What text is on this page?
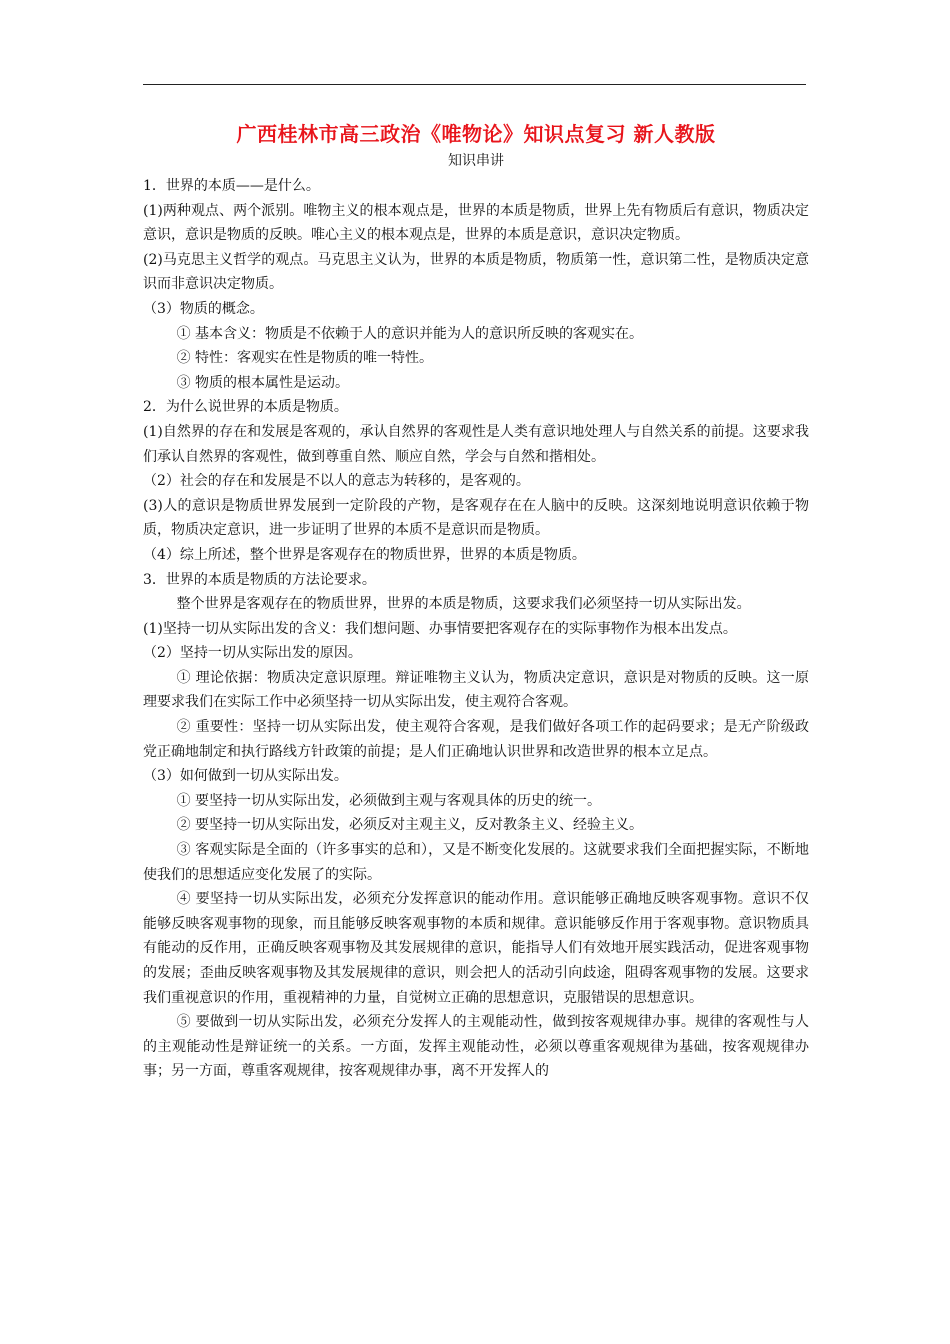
广西桂林市高三政治《唯物论》知识点复习 新人教版

知识串讲

1．世界的本质——是什么。

(1)两种观点、两个派别。唯物主义的根本观点是，世界的本质是物质，世界上先有物质后有意识，物质决定意识，意识是物质的反映。唯心主义的根本观点是，世界的本质是意识，意识决定物质。

(2)马克思主义哲学的观点。马克思主义认为，世界的本质是物质，物质第一性，意识第二性，是物质决定意识而非意识决定物质。

（3）物质的概念。

① 基本含义：物质是不依赖于人的意识并能为人的意识所反映的客观实在。

② 特性：客观实在性是物质的唯一特性。

③ 物质的根本属性是运动。

2．为什么说世界的本质是物质。

(1)自然界的存在和发展是客观的，承认自然界的客观性是人类有意识地处理人与自然关系的前提。这要求我们承认自然界的客观性，做到尊重自然、顺应自然，学会与自然和揩相处。

（2）社会的存在和发展是不以人的意志为转移的，是客观的。

(3)人的意识是物质世界发展到一定阶段的产物，是客观存在在人脑中的反映。这深刻地说明意识依赖于物质，物质决定意识，进一步证明了世界的本质不是意识而是物质。

（4）综上所述，整个世界是客观存在的物质世界，世界的本质是物质。

3．世界的本质是物质的方法论要求。

整个世界是客观存在的物质世界，世界的本质是物质，这要求我们必须坚持一切从实际出发。

(1)坚持一切从实际出发的含义：我们想问题、办事情要把客观存在的实际事物作为根本出发点。

（2）坚持一切从实际出发的原因。

① 理论依据：物质决定意识原理。辩证唯物主义认为，物质决定意识，意识是对物质的反映。这一原理要求我们在实际工作中必须坚持一切从实际出发，使主观符合客观。

② 重要性：坚持一切从实际出发，使主观符合客观，是我们做好各项工作的起码要求；是无产阶级政党正确地制定和执行路线方针政策的前提；是人们正确地认识世界和改造世界的根本立足点。

（3）如何做到一切从实际出发。

① 要坚持一切从实际出发，必须做到主观与客观具体的历史的统一。

② 要坚持一切从实际出发，必须反对主观主义，反对教条主义、经验主义。

③ 客观实际是全面的（许多事实的总和），又是不断变化发展的。这就要求我们全面把握实际，不断地使我们的思想适应变化发展了的实际。

④ 要坚持一切从实际出发，必须充分发挥意识的能动作用。意识能够正确地反映客观事物。意识不仅能够反映客观事物的现象，而且能够反映客观事物的本质和规律。意识能够反作用于客观事物。意识物质具有能动的反作用，正确反映客观事物及其发展规律的意识，能指导人们有效地开展实践活动，促进客观事物的发展；歪曲反映客观事物及其发展规律的意识，则会把人的活动引向歧途，阻碍客观事物的发展。这要求我们重视意识的作用，重视精神的力量，自觉树立正确的思想意识，克服错误的思想意识。

⑤ 要做到一切从实际出发，必须充分发挥人的主观能动性，做到按客观规律办事。规律的客观性与人的主观能动性是辩证统一的关系。一方面，发挥主观能动性，必须以尊重客观规律为基础，按客观规律办事；另一方面，尊重客观规律，按客观规律办事，离不开发挥人的
